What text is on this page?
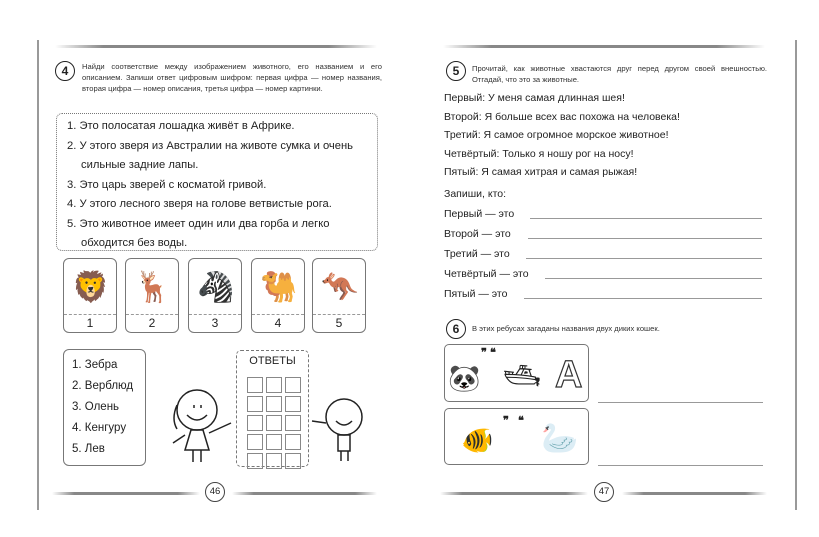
4	Найди соответствие между изображением животного, его названием и его описанием. Запиши ответ цифровым шифром: первая цифра — номер названия, вторая цифра — номер описания, третья цифра — номер картинки.
1. Это полосатая лошадка живёт в Африке.
2. У этого зверя из Австралии на животе сумка и очень сильные задние лапы.
3. Это царь зверей с косматой гривой.
4. У этого лесного зверя на голове ветвистые рога.
5. Это животное имеет один или два горба и легко обходится без воды.
🦁
1
🦌
2
🦓
3
🐫
4
🦘
5
1. Зебра
2. Верблюд
3. Олень
4. Кенгуру
5. Лев
ОТВЕТЫ
46
5	Прочитай, как животные хвастаются друг перед другом своей внешностью. Отгадай, что это за животные.
Первый: У меня самая длинная шея!
Второй: Я больше всех вас похожа на человека!
Третий: Я самое огромное морское животное!
Четвёртый: Только я ношу рог на носу!
Пятый: Я самая хитрая и самая рыжая!
Запиши, кто:
Первый — это
Второй — это
Третий — это
Четвёртый — это
Пятый — это
6	В этих ребусах загаданы названия двух диких кошек.
🐼
❞ ❝
🛥 А
🐠
❞ ❝
🦢
47
